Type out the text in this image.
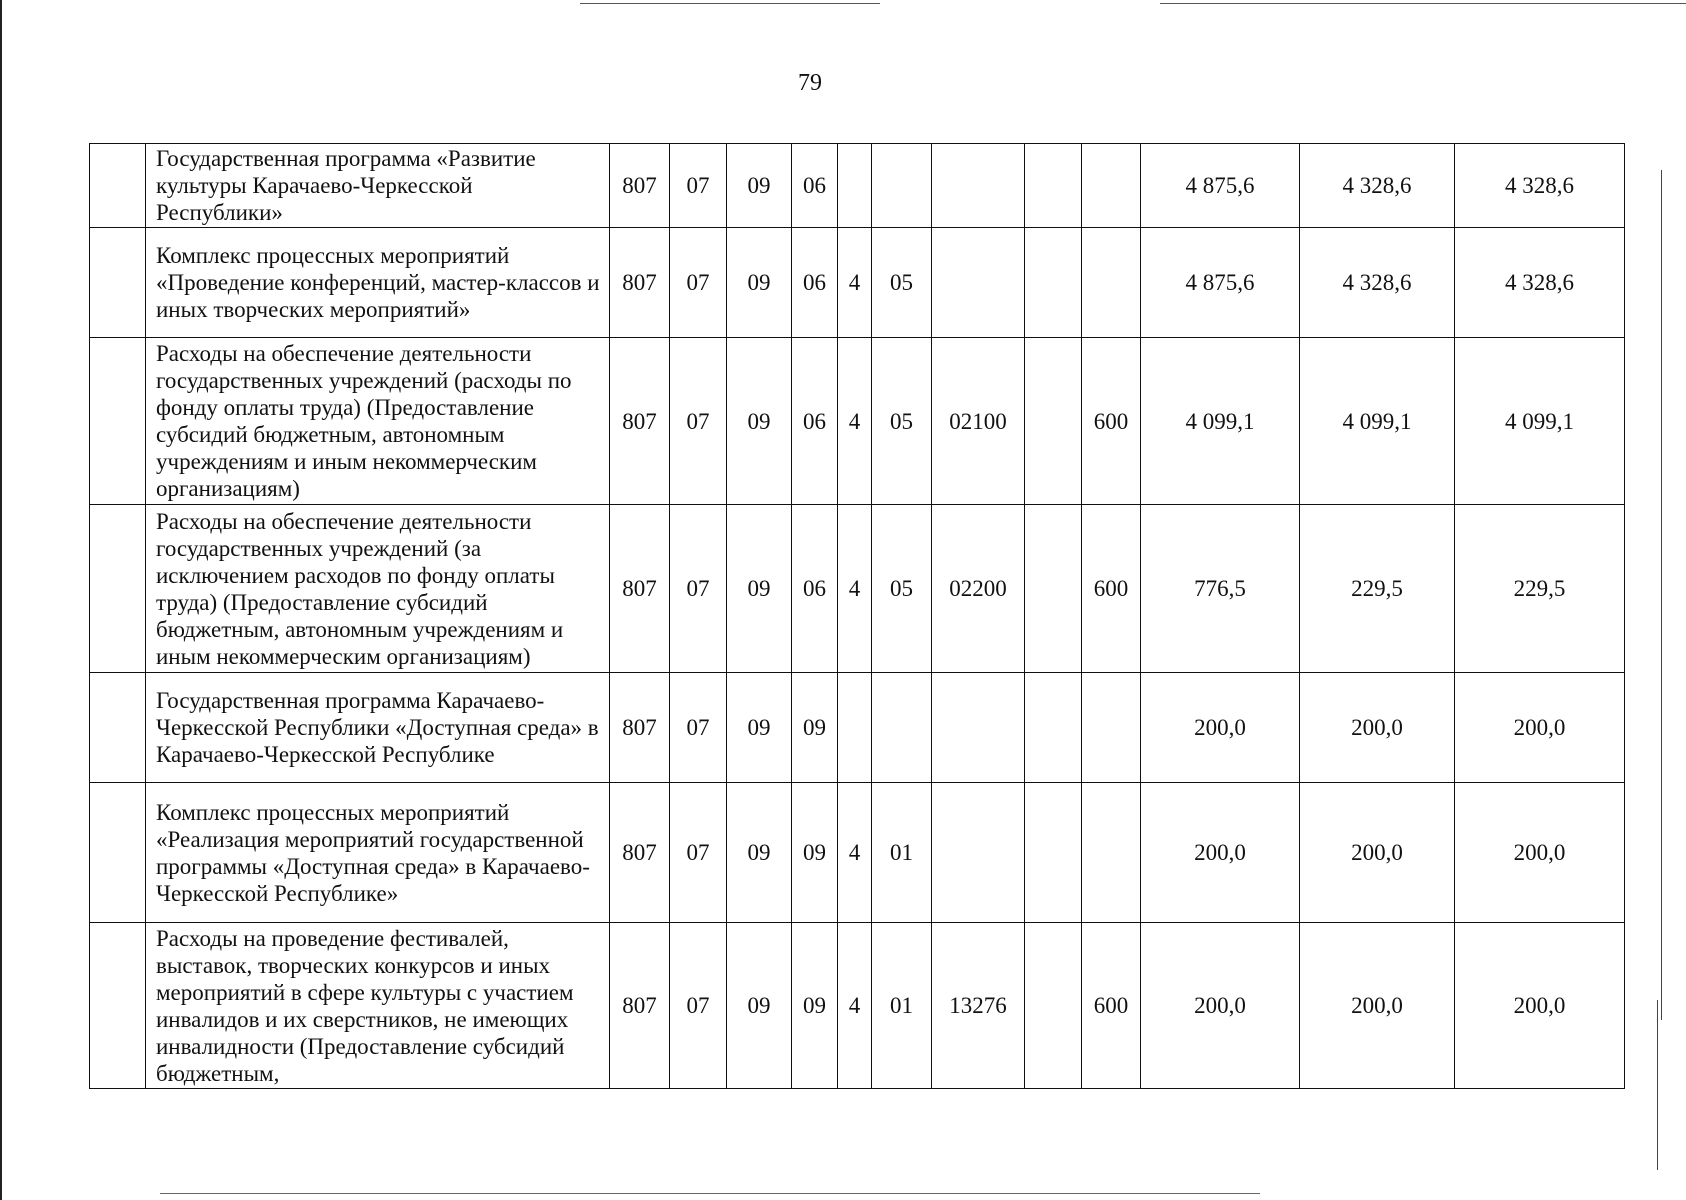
79
	Государственная программа «Развитие культуры Карачаево-Черкесской Республики»	807	07	09	06						4 875,6	4 328,6	4 328,6
	Комплекс процессных мероприятий «Проведение конференций, мастер-классов и иных творческих мероприятий»	807	07	09	06	4	05				4 875,6	4 328,6	4 328,6
	Расходы на обеспечение деятельности государственных учреждений (расходы по фонду оплаты труда) (Предоставление субсидий бюджетным, автономным учреждениям и иным некоммерческим организациям)	807	07	09	06	4	05	02100		600	4 099,1	4 099,1	4 099,1
	Расходы на обеспечение деятельности государственных учреждений (за исключением расходов по фонду оплаты труда) (Предоставление субсидий бюджетным, автономным учреждениям и иным некоммерческим организациям)	807	07	09	06	4	05	02200		600	776,5	229,5	229,5
	Государственная программа Карачаево-Черкесской Республики «Доступная среда» в Карачаево-Черкесской Республике	807	07	09	09						200,0	200,0	200,0
	Комплекс процессных мероприятий «Реализация мероприятий государственной программы «Доступная среда» в Карачаево-Черкесской Республике»	807	07	09	09	4	01				200,0	200,0	200,0
	Расходы на проведение фестивалей, выставок, творческих конкурсов и иных мероприятий в сфере культуры с участием инвалидов и их сверстников, не имеющих инвалидности (Предоставление субсидий бюджетным,	807	07	09	09	4	01	13276		600	200,0	200,0	200,0
